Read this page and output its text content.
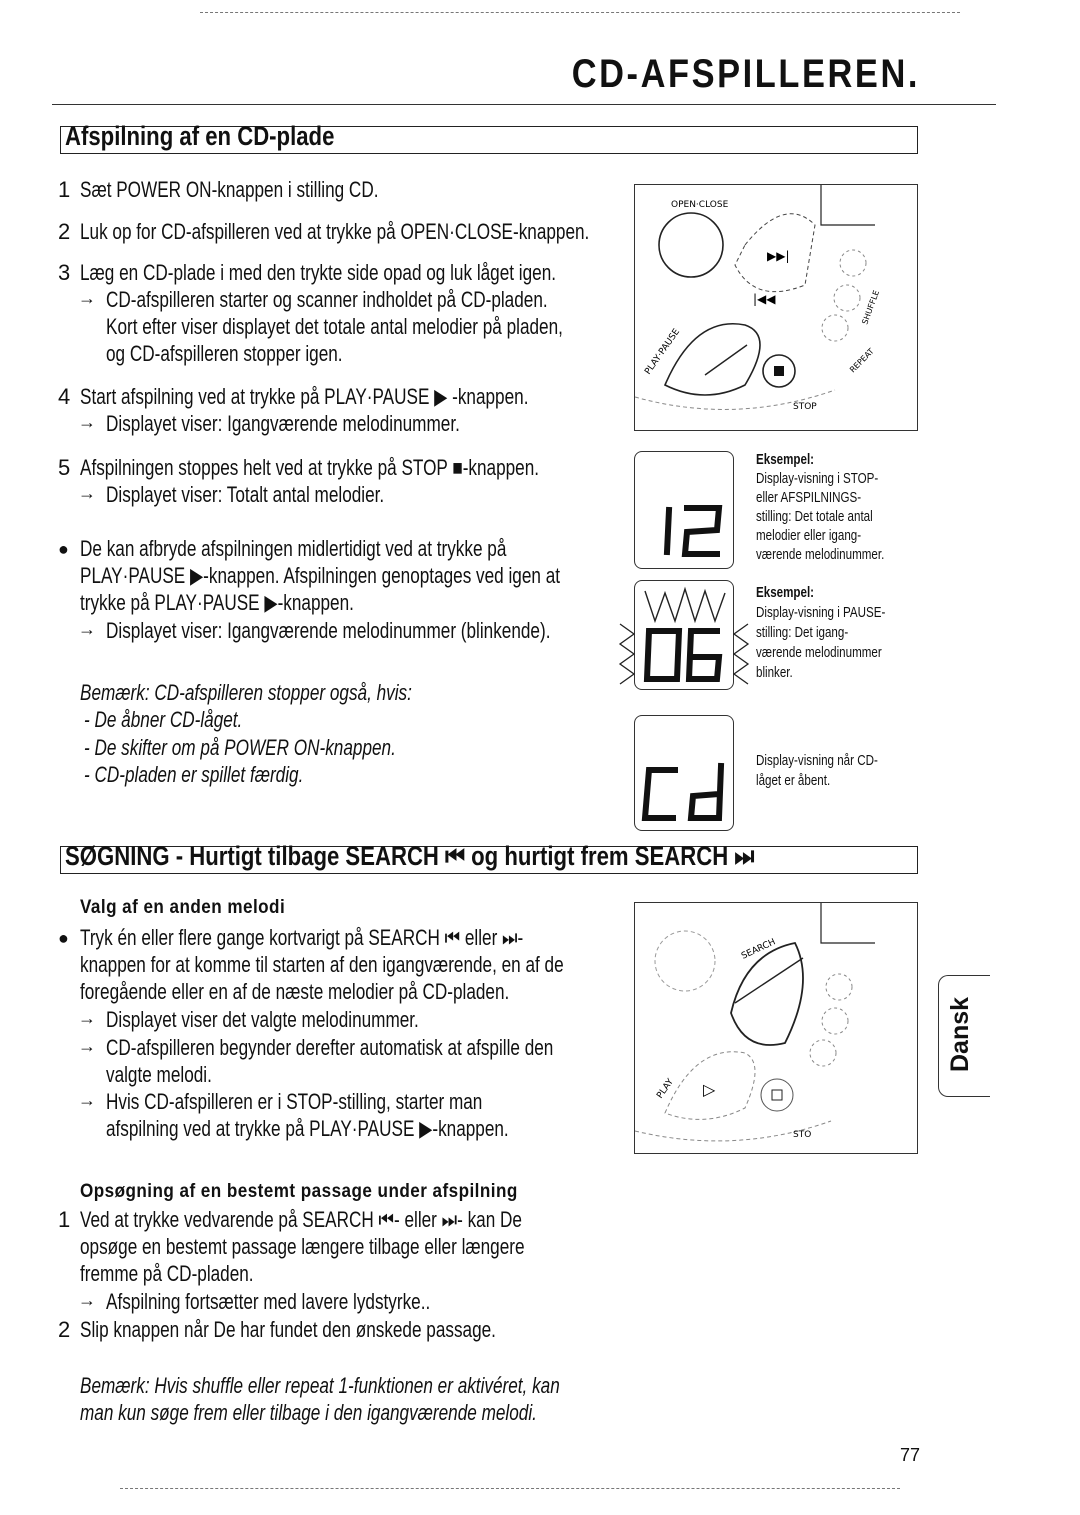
CD-AFSPILLEREN.
Afspilning af en CD-plade
1 Sæt POWER ON-knappen i stilling CD.
2 Luk op for CD-afspilleren ved at trykke på OPEN·CLOSE-knappen.
3 Læg en CD-plade i med den trykte side opad og luk låget igen.
→ CD-afspilleren starter og scanner indholdet på CD-pladen.
Kort efter viser displayet det totale antal melodier på pladen,
og CD-afspilleren stopper igen.
4 Start afspilning ved at trykke på PLAY·PAUSE ▶ -knappen.
→ Displayet viser: Igangværende melodinummer.
5 Afspilningen stoppes helt ved at trykke på STOP ■-knappen.
→ Displayet viser: Totalt antal melodier.
● De kan afbryde afspilningen midlertidigt ved at trykke på
PLAY·PAUSE ▶-knappen. Afspilningen genoptages ved igen at
trykke på PLAY·PAUSE ▶-knappen.
→ Displayet viser: Igangværende melodinummer (blinkende).
Bemærk: CD-afspilleren stopper også, hvis:
- De åbner CD-låget.
- De skifter om på POWER ON-knappen.
- CD-pladen er spillet færdig.
▶▶|
|◀◀
OPEN·CLOSE
PLAY·PAUSE
STOP
SHUFFLE
REPEAT
Eksempel:
Display-visning i STOP-
eller AFSPILNINGS-
stilling: Det totale antal
melodier eller igang-
værende melodinummer.
Eksempel:
Display-visning i PAUSE-
stilling: Det igang-
værende melodinummer
blinker.
Display-visning når CD-
låget er åbent.
SØGNING - Hurtigt tilbage SEARCH ⏮ og hurtigt frem SEARCH ⏭
Valg af en anden melodi
● Tryk én eller flere gange kortvarigt på SEARCH ⏮ eller ⏭-
knappen for at komme til starten af den igangværende, en af de
foregående eller en af de næste melodier på CD-pladen.
→ Displayet viser det valgte melodinummer.
→ CD-afspilleren begynder derefter automatisk at afspille den
valgte melodi.
→ Hvis CD-afspilleren er i STOP-stilling, starter man
afspilning ved at trykke på PLAY·PAUSE ▶-knappen.
▷
SEARCH
PLAY
STO
Opsøgning af en bestemt passage under afspilning
1 Ved at trykke vedvarende på SEARCH ⏮- eller ⏭- kan De
opsøge en bestemt passage længere tilbage eller længere
fremme på CD-pladen.
→ Afspilning fortsætter med lavere lydstyrke..
2 Slip knappen når De har fundet den ønskede passage.
Bemærk: Hvis shuffle eller repeat 1-funktionen er aktivéret, kan
man kun søge frem eller tilbage i den igangværende melodi.
Dansk
77
